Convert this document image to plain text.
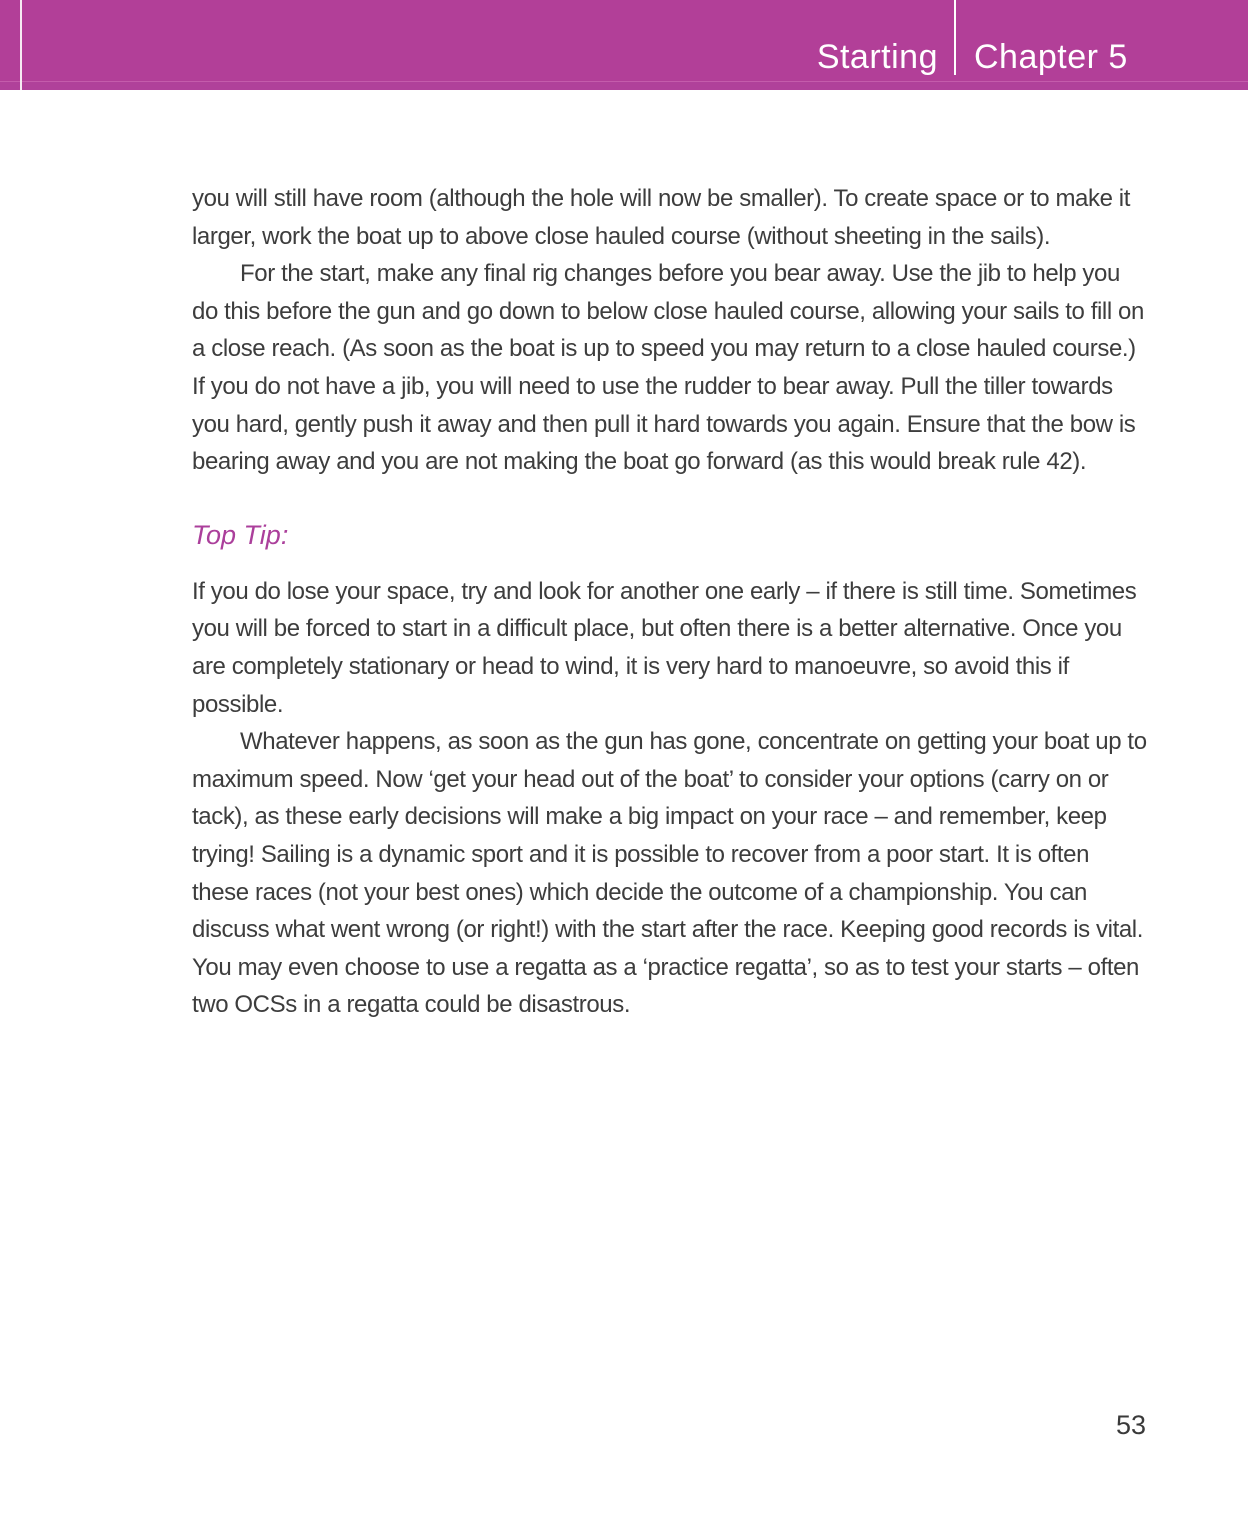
Starting Chapter 5

you will still have room (although the hole will now be smaller). To create space or to make it larger, work the boat up to above close hauled course (without sheeting in the sails).

For the start, make any final rig changes before you bear away. Use the jib to help you do this before the gun and go down to below close hauled course, allowing your sails to fill on a close reach. (As soon as the boat is up to speed you may return to a close hauled course.) If you do not have a jib, you will need to use the rudder to bear away. Pull the tiller towards you hard, gently push it away and then pull it hard towards you again. Ensure that the bow is bearing away and you are not making the boat go forward (as this would break rule 42).

Top Tip:

If you do lose your space, try and look for another one early – if there is still time. Sometimes you will be forced to start in a difficult place, but often there is a better alternative. Once you are completely stationary or head to wind, it is very hard to manoeuvre, so avoid this if possible.

Whatever happens, as soon as the gun has gone, concentrate on getting your boat up to maximum speed. Now ‘get your head out of the boat’ to consider your options (carry on or tack), as these early decisions will make a big impact on your race – and remember, keep trying! Sailing is a dynamic sport and it is possible to recover from a poor start. It is often these races (not your best ones) which decide the outcome of a championship. You can discuss what went wrong (or right!) with the start after the race. Keeping good records is vital. You may even choose to use a regatta as a ‘practice regatta’, so as to test your starts – often two OCSs in a regatta could be disastrous.

53
